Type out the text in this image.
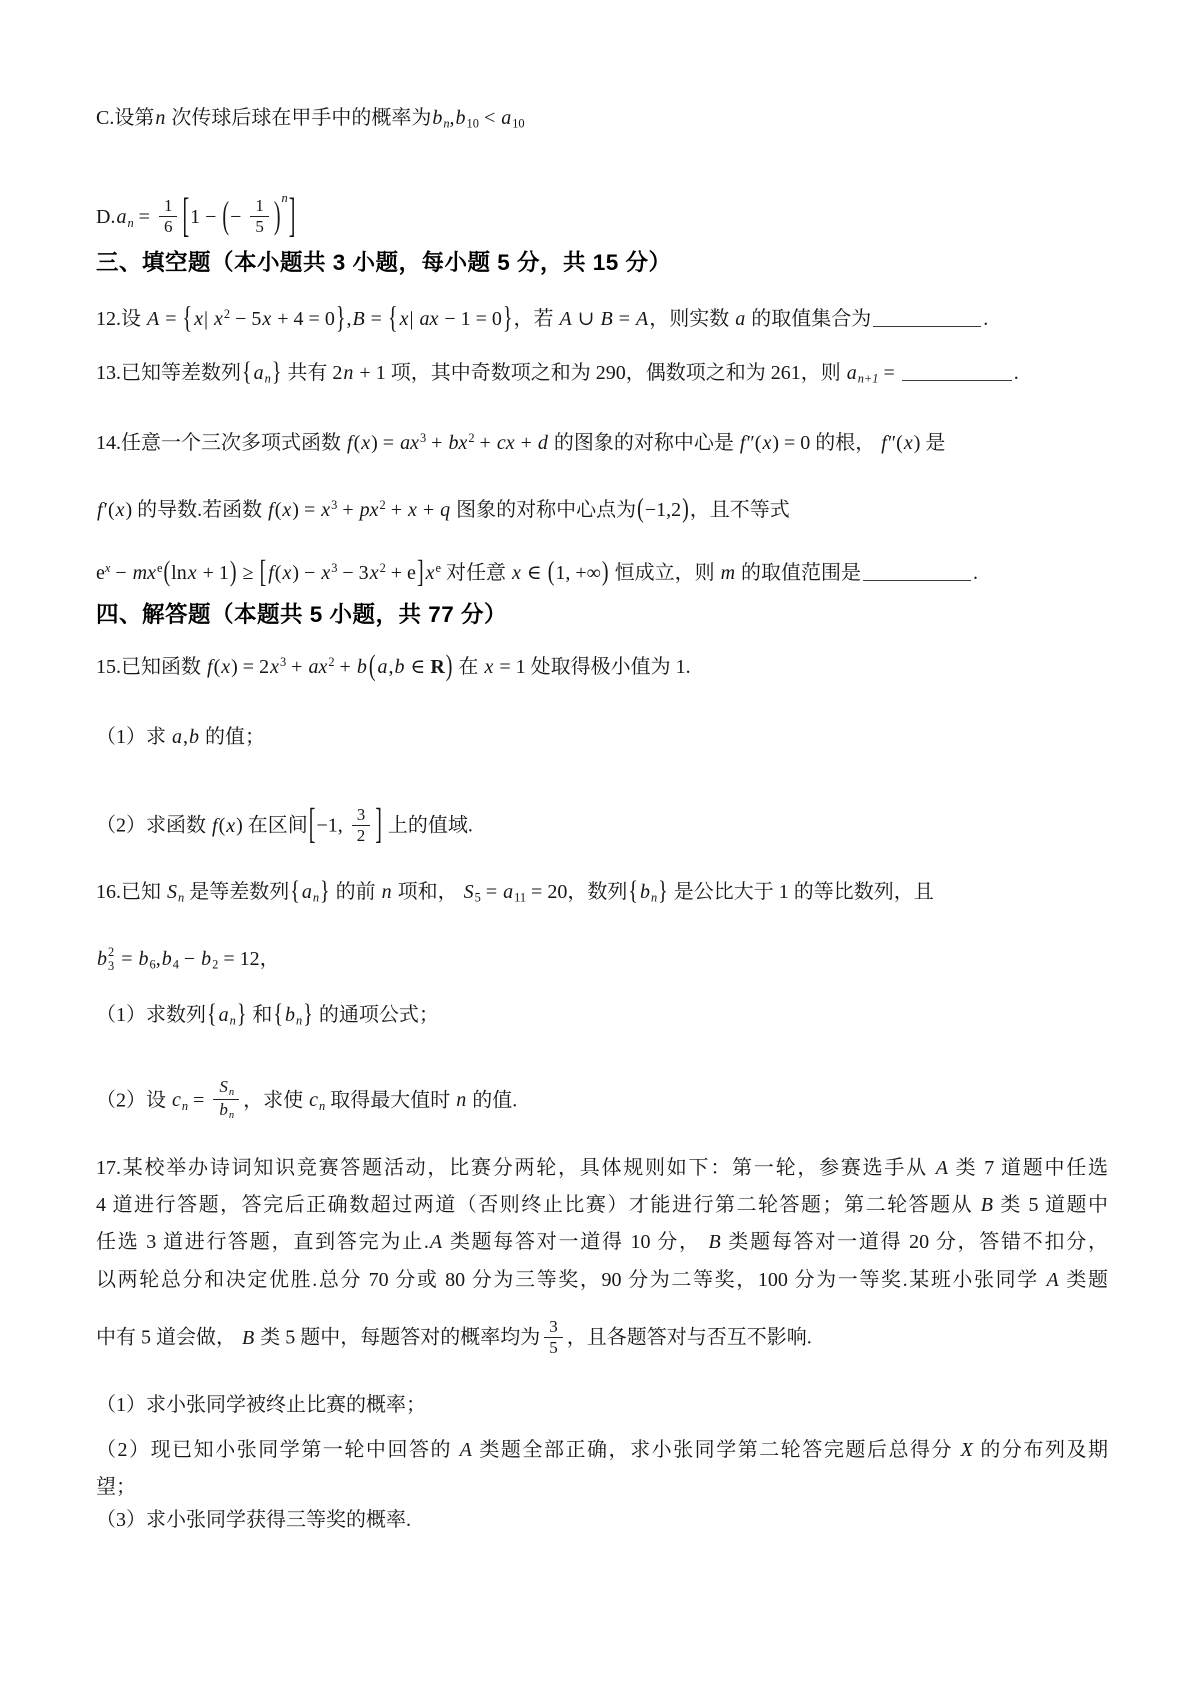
C.设第n 次传球后球在甲手中的概率为bn,b10 < a10
$D.an = \frac{1}{6} [1$ − (− $\frac{1}{5} )^n$]
三、填空题（本小题共 3 小题，每小题 5 分，共 15 分）
12.设 A = { x| $x^2 - 5x + 4 = 0\},B$ = { x| ax − 1 = 0}，若 A ∪ B = A，则实数 a 的取值集合为	.
13.已知等差数列{ an} 共有 2n + 1 项，其中奇数项之和为 290，偶数项之和为 261，则 an+1 =	.
14.任意一个三次多项式函数 $f(x) = ax^3 + bx^2$ + cx + d 的图象的对称中心是 f″(x) = 0 的根， f″(x) 是
f′(x) 的导数.若函数 $f(x) = x^3 + px^2 + x + q$ 图象的对称中心点为(−1,2)，且不等式
$e^x - mx^e(\ln x + 1)$ ≥ [ $f(x) - x^3 - 3x^2 + e$] $x^e$ 对任意 x ∈ (1, +∞) 恒成立，则 m 的取值范围是	.
四、解答题（本题共 5 小题，共 77 分）
15.已知函数 $f(x) = 2x^3 + ax^2 + b$ ( a,b ∈ R) 在 x = 1 处取得极小值为 1.
（1）求 a,b 的值；
（2）求函数 f(x) 在区间[−1, $\frac{3}{2}$ ] 上的值域.
16.已知 Sn 是等差数列{ an} 的前 n 项和， S5 = a11 = 20，数列{ bn} 是公比大于 1 的等比数列，且
b 2
3 = b6,b4 − b2 = 12，
（1）求数列{ an} 和{ bn} 的通项公式；
（2）设 cn = $\frac{Sn}{bn}$ ，求使 cn 取得最大值时 n 的值.
17.某校举办诗词知识竞赛答题活动，比赛分两轮，具体规则如下：第一轮，参赛选手从 A 类 7 道题中任选
4 道进行答题，答完后正确数超过两道（否则终止比赛）才能进行第二轮答题；第二轮答题从 B 类 5 道题中
任选 3 道进行答题，直到答完为止.A 类题每答对一道得 10 分， B 类题每答对一道得 20 分，答错不扣分，
以两轮总分和决定优胜.总分 70 分或 80 分为三等奖，90 分为二等奖，100 分为一等奖.某班小张同学 A 类题
中有 5 道会做， B 类 5 题中，每题答对的概率均为 $\frac{3}{5}$ ，且各题答对与否互不影响.
（1）求小张同学被终止比赛的概率；
（2）现已知小张同学第一轮中回答的 A 类题全部正确，求小张同学第二轮答完题后总得分 X 的分布列及期
望；
（3）求小张同学获得三等奖的概率.
